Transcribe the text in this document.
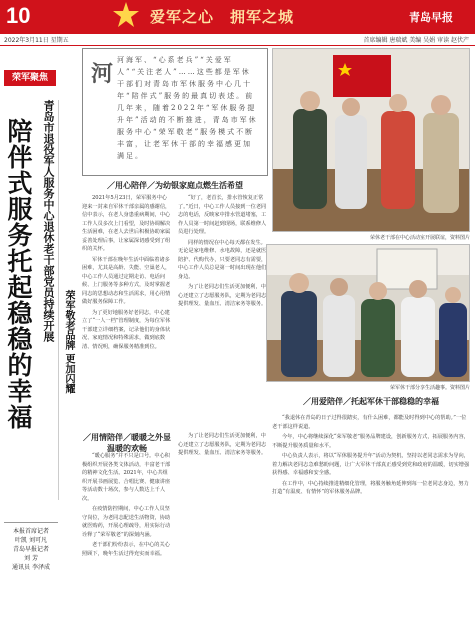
10	爱军之心　拥军之城	青岛早报
2022年3月11日 星期五	首席编辑 唐瑞斌 美编 吴娟 审读 赵伏产
荣军聚焦
青岛市退役军人服务中心退休老干部党员持续开展
陪伴式服务托起稳稳的幸福	荣军敬老品牌 更加闪耀
河

河海军、“心系老兵”“关爱军人”“关注老人”……这些都是军休干部们对青岛市军休服务中心几十年“陪伴式”服务的最真切表述。前几年来，随着2022年“军休服务提升年”活动的不断推进，青岛市军休服务中心“荣军敬老”服务模式不断丰富，让老军休干部的幸福感更加满足。

荣休老干部在中心活动室开展联谊，资料图片
荣军休干部分享生活趣事。资料图片
／用心陪伴／为幼银家庭点燃生活希望

2021年5月23日，荣军服务中心迎来一封来自军休干部亲属的感谢信，信中表示，在老人身患重病期间，中心工作人员多次上门看望，及时协调解决生活困难，在老人去世后积极协助家属妥善处理后事，让家属深切感受到了组织的关怀。

军休干部在晚年生活中面临着诸多困难，尤其是高龄、失能、空巢老人，中心工作人员通过定期走访、电话问候、上门服务等多种方式，及时掌握老同志的思想动态和生活需求，用心用情做好服务保障工作。

为了更好地服务好老同志，中心建立了“一人一档”管理制度，为每位军休干部建立详细档案，记录他们的身体状况、家庭情况和特殊需求，做到底数清、情况明，确保服务精准到位。

“好了，老首长，排水管恢复正常了。”近日，中心工作人员接到一位老同志的电话，反映家中排水管道堵塞，工作人员第一时间赶到现场，联系维修人员进行处理。

同样的情况在中心每天都在发生。无论是家电维修、水电故障，还是就医陪护、代购代办，只要老同志有需要，中心工作人员总是第一时间出现在他们身边。

为了让老同志们生活更加便利，中心还建立了志愿服务队，定期为老同志提供理发、量血压、清洁家务等服务。

／用情陪伴／暖暖之外显温暖的欢畅

“暖心服务”并不只是口号。中心积极组织开展各类文体活动，丰富老干部的精神文化生活。2021年，中心共组织开展书画展览、合唱比赛、健康讲座等活动数十场次，参与人数达上千人次。

在疫情防控期间，中心工作人员坚守岗位，为老同志配送生活物资，协助就医购药，开展心理疏导，用实际行动诠释了“荣军敬老”的深刻内涵。

老干部们纷纷表示，在中心的关心照顾下，晚年生活过得充实而幸福。

为了让老同志们生活更加便利，中心还建立了志愿服务队，定期为老同志提供理发、量血压、清洁家务等服务。

／用爱陪伴／托起军休干部稳稳的幸福

“我退休在青岛的日子过得很踏实，有什么困难，都能及时得到中心的帮助。”一位老干部这样说道。

今年，中心将继续深化“荣军敬老”服务品牌建设，创新服务方式，拓展服务内容，不断提升服务质量和水平。

中心负责人表示，将以“军休服务提升年”活动为契机，坚持以老同志需求为导向，着力解决老同志急难愁盼问题，让广大军休干部真正感受到党和政府的温暖，切实增强获得感、幸福感和安全感。

在工作中，中心持续推进精细化管理，将服务触角延伸到每一位老同志身边，努力打造“有温度、有情怀”的军休服务品牌。

本报首席记者
叶凯 刘可凡
青岛早报记者
刘 芳
通讯员 李泽成
